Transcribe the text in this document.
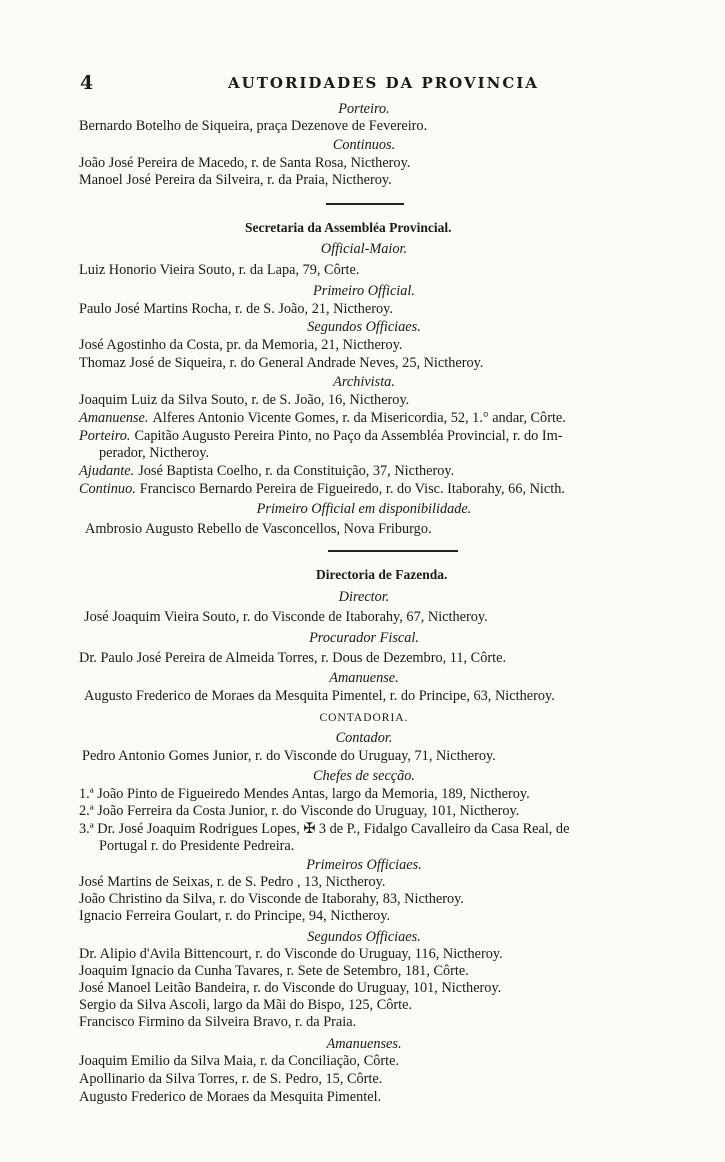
4	AUTORIDADES DA PROVINCIA
Porteiro.
Bernardo Botelho de Siqueira, praça Dezenove de Fevereiro.
Continuos.
João José Pereira de Macedo, r. de Santa Rosa, Nictheroy.
Manoel José Pereira da Silveira, r. da Praia, Nictheroy.
Secretaria da Assembléa Provincial.
Official-Maior.
Luiz Honorio Vieira Souto, r. da Lapa, 79, Côrte.
Primeiro Official.
Paulo José Martins Rocha, r. de S. João, 21, Nictheroy.
Segundos Officiaes.
José Agostinho da Costa, pr. da Memoria, 21, Nictheroy.
Thomaz José de Siqueira, r. do General Andrade Neves, 25, Nictheroy.
Archivista.
Joaquim Luiz da Silva Souto, r. de S. João, 16, Nictheroy.
Amanuense. Alferes Antonio Vicente Gomes, r. da Misericordia, 52, 1.° andar, Côrte.
Porteiro. Capitão Augusto Pereira Pinto, no Paço da Assembléa Provincial, r. do Im-
perador, Nictheroy.
Ajudante. José Baptista Coelho, r. da Constituição, 37, Nictheroy.
Continuo. Francisco Bernardo Pereira de Figueiredo, r. do Visc. Itaborahy, 66, Nicth.
Primeiro Official em disponibilidade.
Ambrosio Augusto Rebello de Vasconcellos, Nova Friburgo.
Directoria de Fazenda.
Director.
José Joaquim Vieira Souto, r. do Visconde de Itaborahy, 67, Nictheroy.
Procurador Fiscal.
Dr. Paulo José Pereira de Almeida Torres, r. Dous de Dezembro, 11, Côrte.
Amanuense.
Augusto Frederico de Moraes da Mesquita Pimentel, r. do Principe, 63, Nictheroy.
CONTADORIA.
Contador.
Pedro Antonio Gomes Junior, r. do Visconde do Uruguay, 71, Nictheroy.
Chefes de secção.
1.ª João Pinto de Figueiredo Mendes Antas, largo da Memoria, 189, Nictheroy.
2.ª João Ferreira da Costa Junior, r. do Visconde do Uruguay, 101, Nictheroy.
3.ª Dr. José Joaquim Rodrigues Lopes, ✠ 3 de P., Fidalgo Cavalleiro da Casa Real, de
Portugal r. do Presidente Pedreira.
Primeiros Officiaes.
José Martins de Seixas, r. de S. Pedro , 13, Nictheroy.
João Christino da Silva, r. do Visconde de Itaborahy, 83, Nictheroy.
Ignacio Ferreira Goulart, r. do Principe, 94, Nictheroy.
Segundos Officiaes.
Dr. Alipio d'Avila Bittencourt, r. do Visconde do Uruguay, 116, Nictheroy.
Joaquim Ignacio da Cunha Tavares, r. Sete de Setembro, 181, Côrte.
José Manoel Leitão Bandeira, r. do Visconde do Uruguay, 101, Nictheroy.
Sergio da Silva Ascoli, largo da Mãi do Bispo, 125, Côrte.
Francisco Firmino da Silveira Bravo, r. da Praia.
Amanuenses.
Joaquim Emilio da Silva Maia, r. da Conciliação, Côrte.
Apollinario da Silva Torres, r. de S. Pedro, 15, Côrte.
Augusto Frederico de Moraes da Mesquita Pimentel.
